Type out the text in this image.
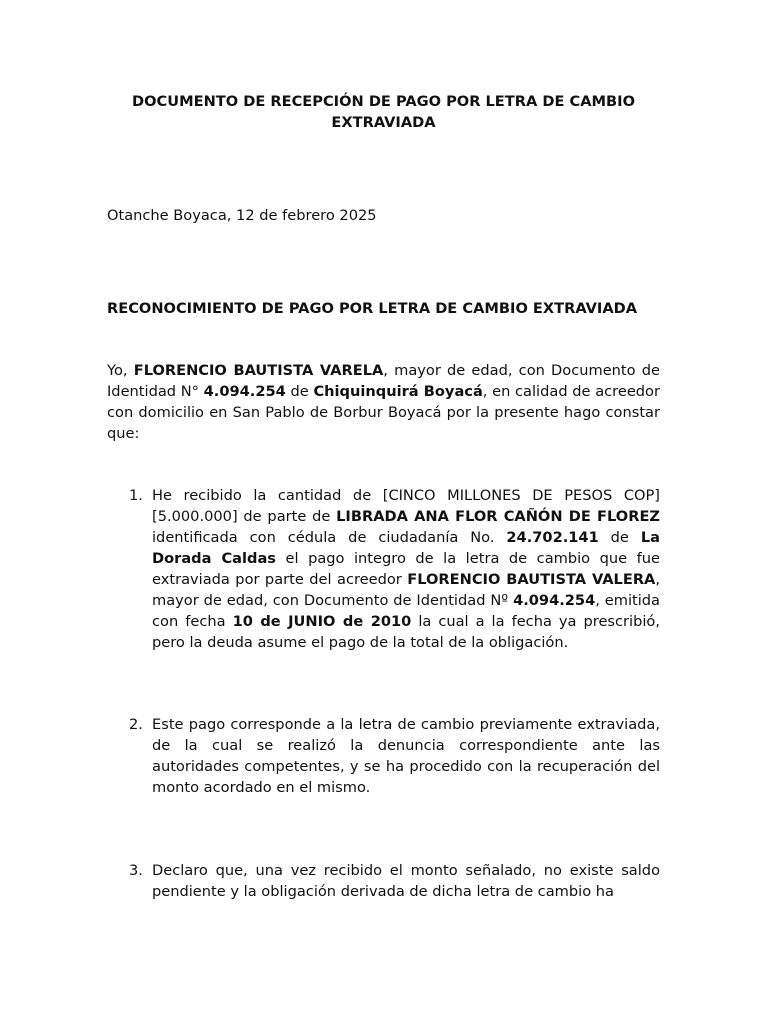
DOCUMENTO DE RECEPCIÓN DE PAGO POR LETRA DE CAMBIO EXTRAVIADA
Otanche Boyaca, 12 de febrero 2025
RECONOCIMIENTO DE PAGO POR LETRA DE CAMBIO EXTRAVIADA
Yo, FLORENCIO BAUTISTA VARELA, mayor de edad, con Documento de Identidad N° 4.094.254 de Chiquinquirá Boyacá, en calidad de acreedor con domicilio en San Pablo de Borbur Boyacá por la presente hago constar que:
1. He recibido la cantidad de [CINCO MILLONES DE PESOS COP] [5.000.000] de parte de LIBRADA ANA FLOR CAÑÓN DE FLOREZ identificada con cédula de ciudadanía No. 24.702.141 de La Dorada Caldas el pago integro de la letra de cambio que fue extraviada por parte del acreedor FLORENCIO BAUTISTA VALERA, mayor de edad, con Documento de Identidad Nº 4.094.254, emitida con fecha 10 de JUNIO de 2010 la cual a la fecha ya prescribió, pero la deuda asume el pago de la total de la obligación.
2. Este pago corresponde a la letra de cambio previamente extraviada, de la cual se realizó la denuncia correspondiente ante las autoridades competentes, y se ha procedido con la recuperación del monto acordado en el mismo.
3. Declaro que, una vez recibido el monto señalado, no existe saldo pendiente y la obligación derivada de dicha letra de cambio ha
